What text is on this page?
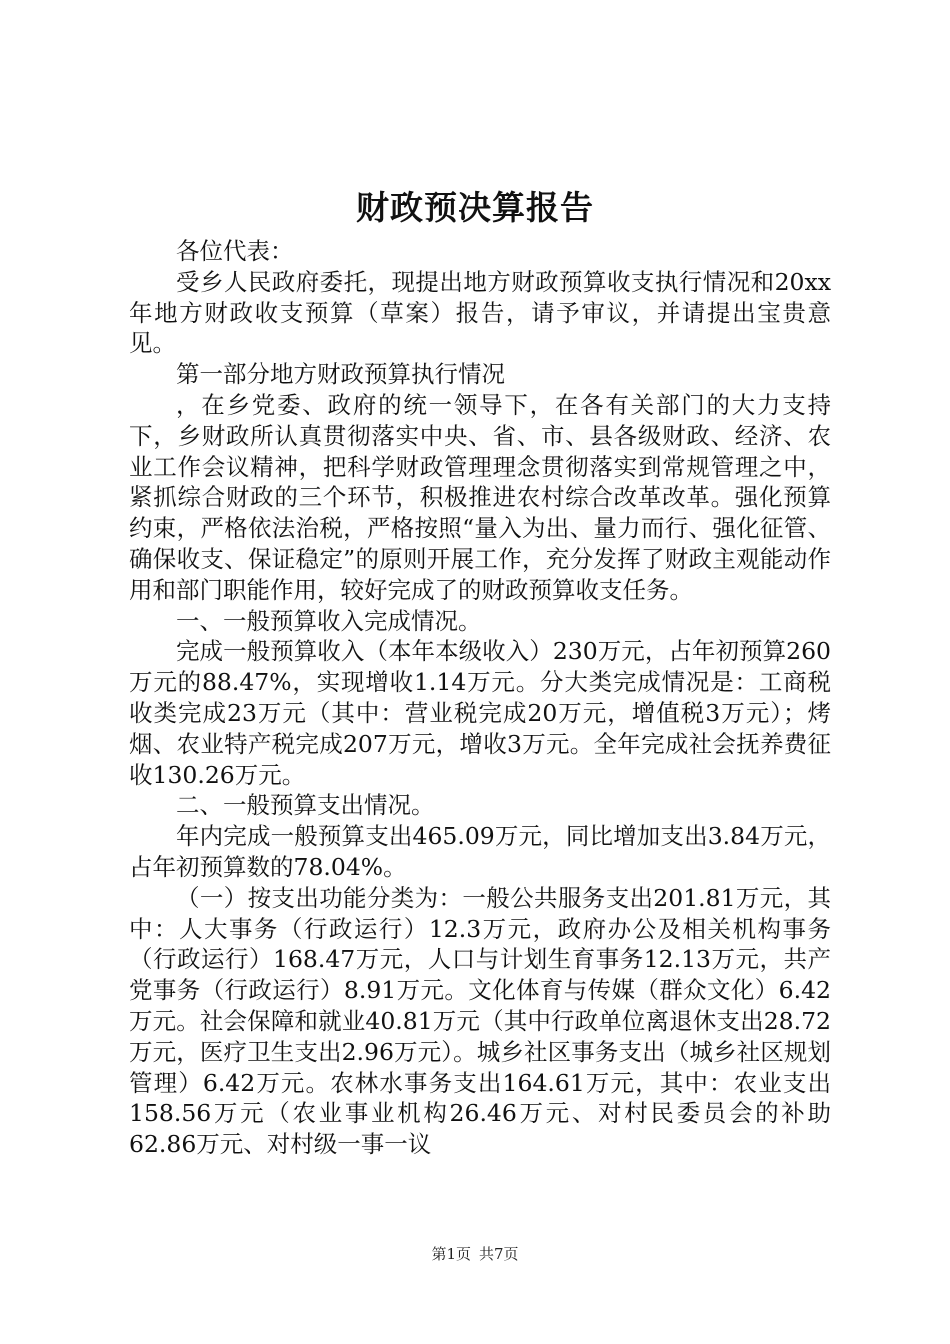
财政预决算报告

各位代表：

受乡人民政府委托，现提出地方财政预算收支执行情况和20xx年地方财政收支预算（草案）报告，请予审议，并请提出宝贵意见。

第一部分地方财政预算执行情况

，在乡党委、政府的统一领导下，在各有关部门的大力支持下，乡财政所认真贯彻落实中央、省、市、县各级财政、经济、农业工作会议精神，把科学财政管理理念贯彻落实到常规管理之中，紧抓综合财政的三个环节，积极推进农村综合改革改革。强化预算约束，严格依法治税，严格按照“量入为出、量力而行、强化征管、确保收支、保证稳定”的原则开展工作，充分发挥了财政主观能动作用和部门职能作用，较好完成了的财政预算收支任务。

一、一般预算收入完成情况。

完成一般预算收入（本年本级收入）230万元，占年初预算260万元的88.47%，实现增收1.14万元。分大类完成情况是：工商税收类完成23万元（其中：营业税完成20万元，增值税3万元）；烤烟、农业特产税完成207万元，增收3万元。全年完成社会抚养费征收130.26万元。

二、一般预算支出情况。

年内完成一般预算支出465.09万元，同比增加支出3.84万元，占年初预算数的78.04%。

（一）按支出功能分类为：一般公共服务支出201.81万元，其中：人大事务（行政运行）12.3万元，政府办公及相关机构事务（行政运行）168.47万元，人口与计划生育事务12.13万元，共产党事务（行政运行）8.91万元。文化体育与传媒（群众文化）6.42万元。社会保障和就业40.81万元（其中行政单位离退休支出28.72万元，医疗卫生支出2.96万元）。城乡社区事务支出（城乡社区规划管理）6.42万元。农林水事务支出164.61万元，其中：农业支出158.56万元（农业事业机构26.46万元、对村民委员会的补助62.86万元、对村级一事一议

第1页 共7页
